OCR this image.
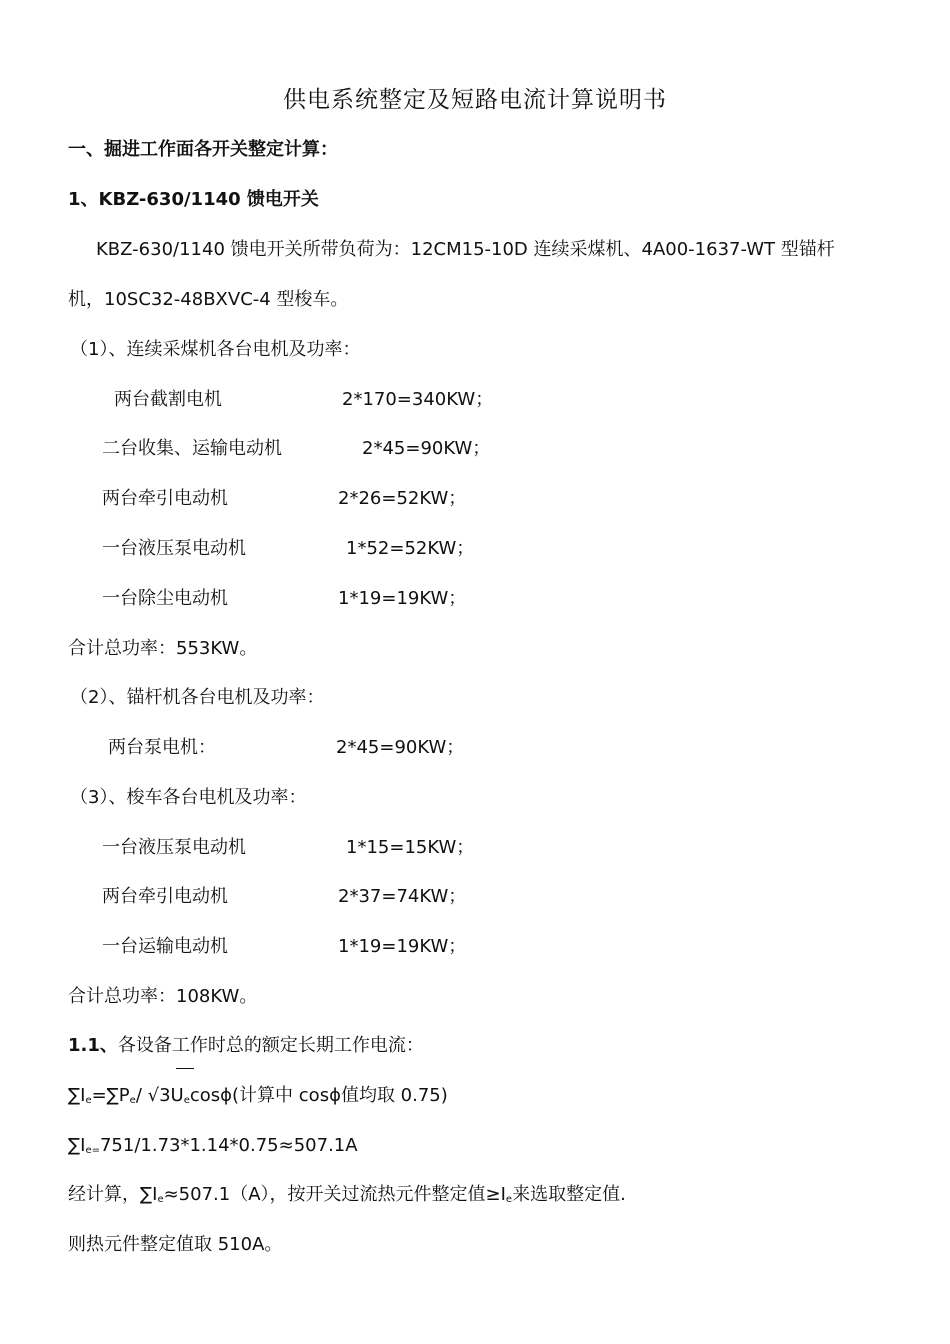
供电系统整定及短路电流计算说明书
一、掘进工作面各开关整定计算：
1、KBZ-630/1140 馈电开关
KBZ-630/1140 馈电开关所带负荷为：12CM15-10D 连续采煤机、4A00-1637-WT 型锚杆
机，10SC32-48BXVC-4 型梭车。
（1）、连续采煤机各台电机及功率：
两台截割电机	2*170=340KW；
二台收集、运输电动机	2*45=90KW；
两台牵引电动机	2*26=52KW；
一台液压泵电动机	1*52=52KW；
一台除尘电动机	1*19=19KW；
合计总功率：553KW。
（2）、锚杆机各台电机及功率：
两台泵电机：	2*45=90KW；
（3）、梭车各台电机及功率：
一台液压泵电动机	1*15=15KW；
两台牵引电动机	2*37=74KW；
一台运输电动机	1*19=19KW；
合计总功率：108KW。
1.1、各设备工作时总的额定长期工作电流：
$\sum I_e=\sum P_e/$ $√3U_e\cos\phi$(计算中 cosϕ值均取 0.75)
$\sum I_{e=}751/1.73*1.14*0.75\approx 507.1A$
经计算，$\sum I_e\approx 507.1(A)$，按开关过流热元件整定值$\ge I_e$来选取整定值.
则热元件整定值取 510A。
